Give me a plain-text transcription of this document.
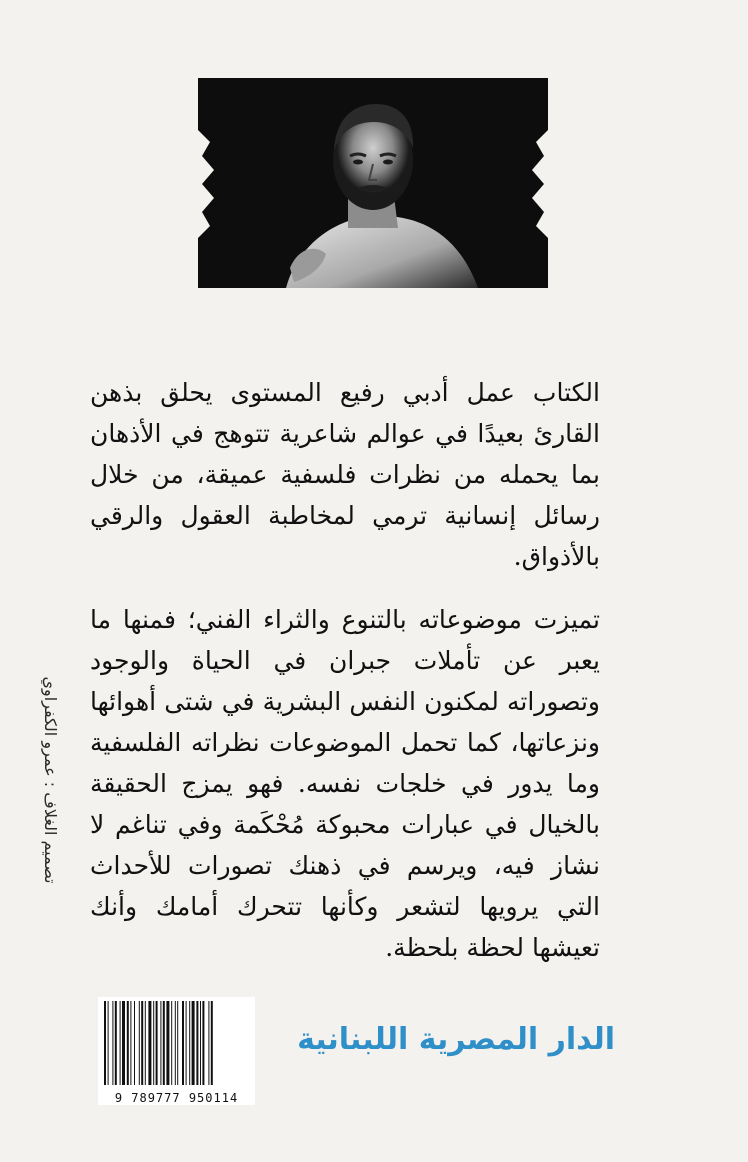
الكتاب عمل أدبي رفيع المستوى يحلق بذهن القارئ بعيدًا في عوالم شاعرية تتوهج في الأذهان بما يحمله من نظرات فلسفية عميقة، من خلال رسائل إنسانية ترمي لمخاطبة العقول والرقي بالأذواق.

تميزت موضوعاته بالتنوع والثراء الفني؛ فمنها ما يعبر عن تأملات جبران في الحياة والوجود وتصوراته لمكنون النفس البشرية في شتى أهوائها ونزعاتها، كما تحمل الموضوعات نظراته الفلسفية وما يدور في خلجات نفسه. فهو يمزج الحقيقة بالخيال في عبارات محبوكة مُحْكَمة وفي تناغم لا نشاز فيه، ويرسم في ذهنك تصورات للأحداث التي يرويها لتشعر وكأنها تتحرك أمامك وأنك تعيشها لحظة بلحظة.

تصميم الغلاف : عمرو الكفراوي
9 789777 950114
الدار المصرية اللبنانية
